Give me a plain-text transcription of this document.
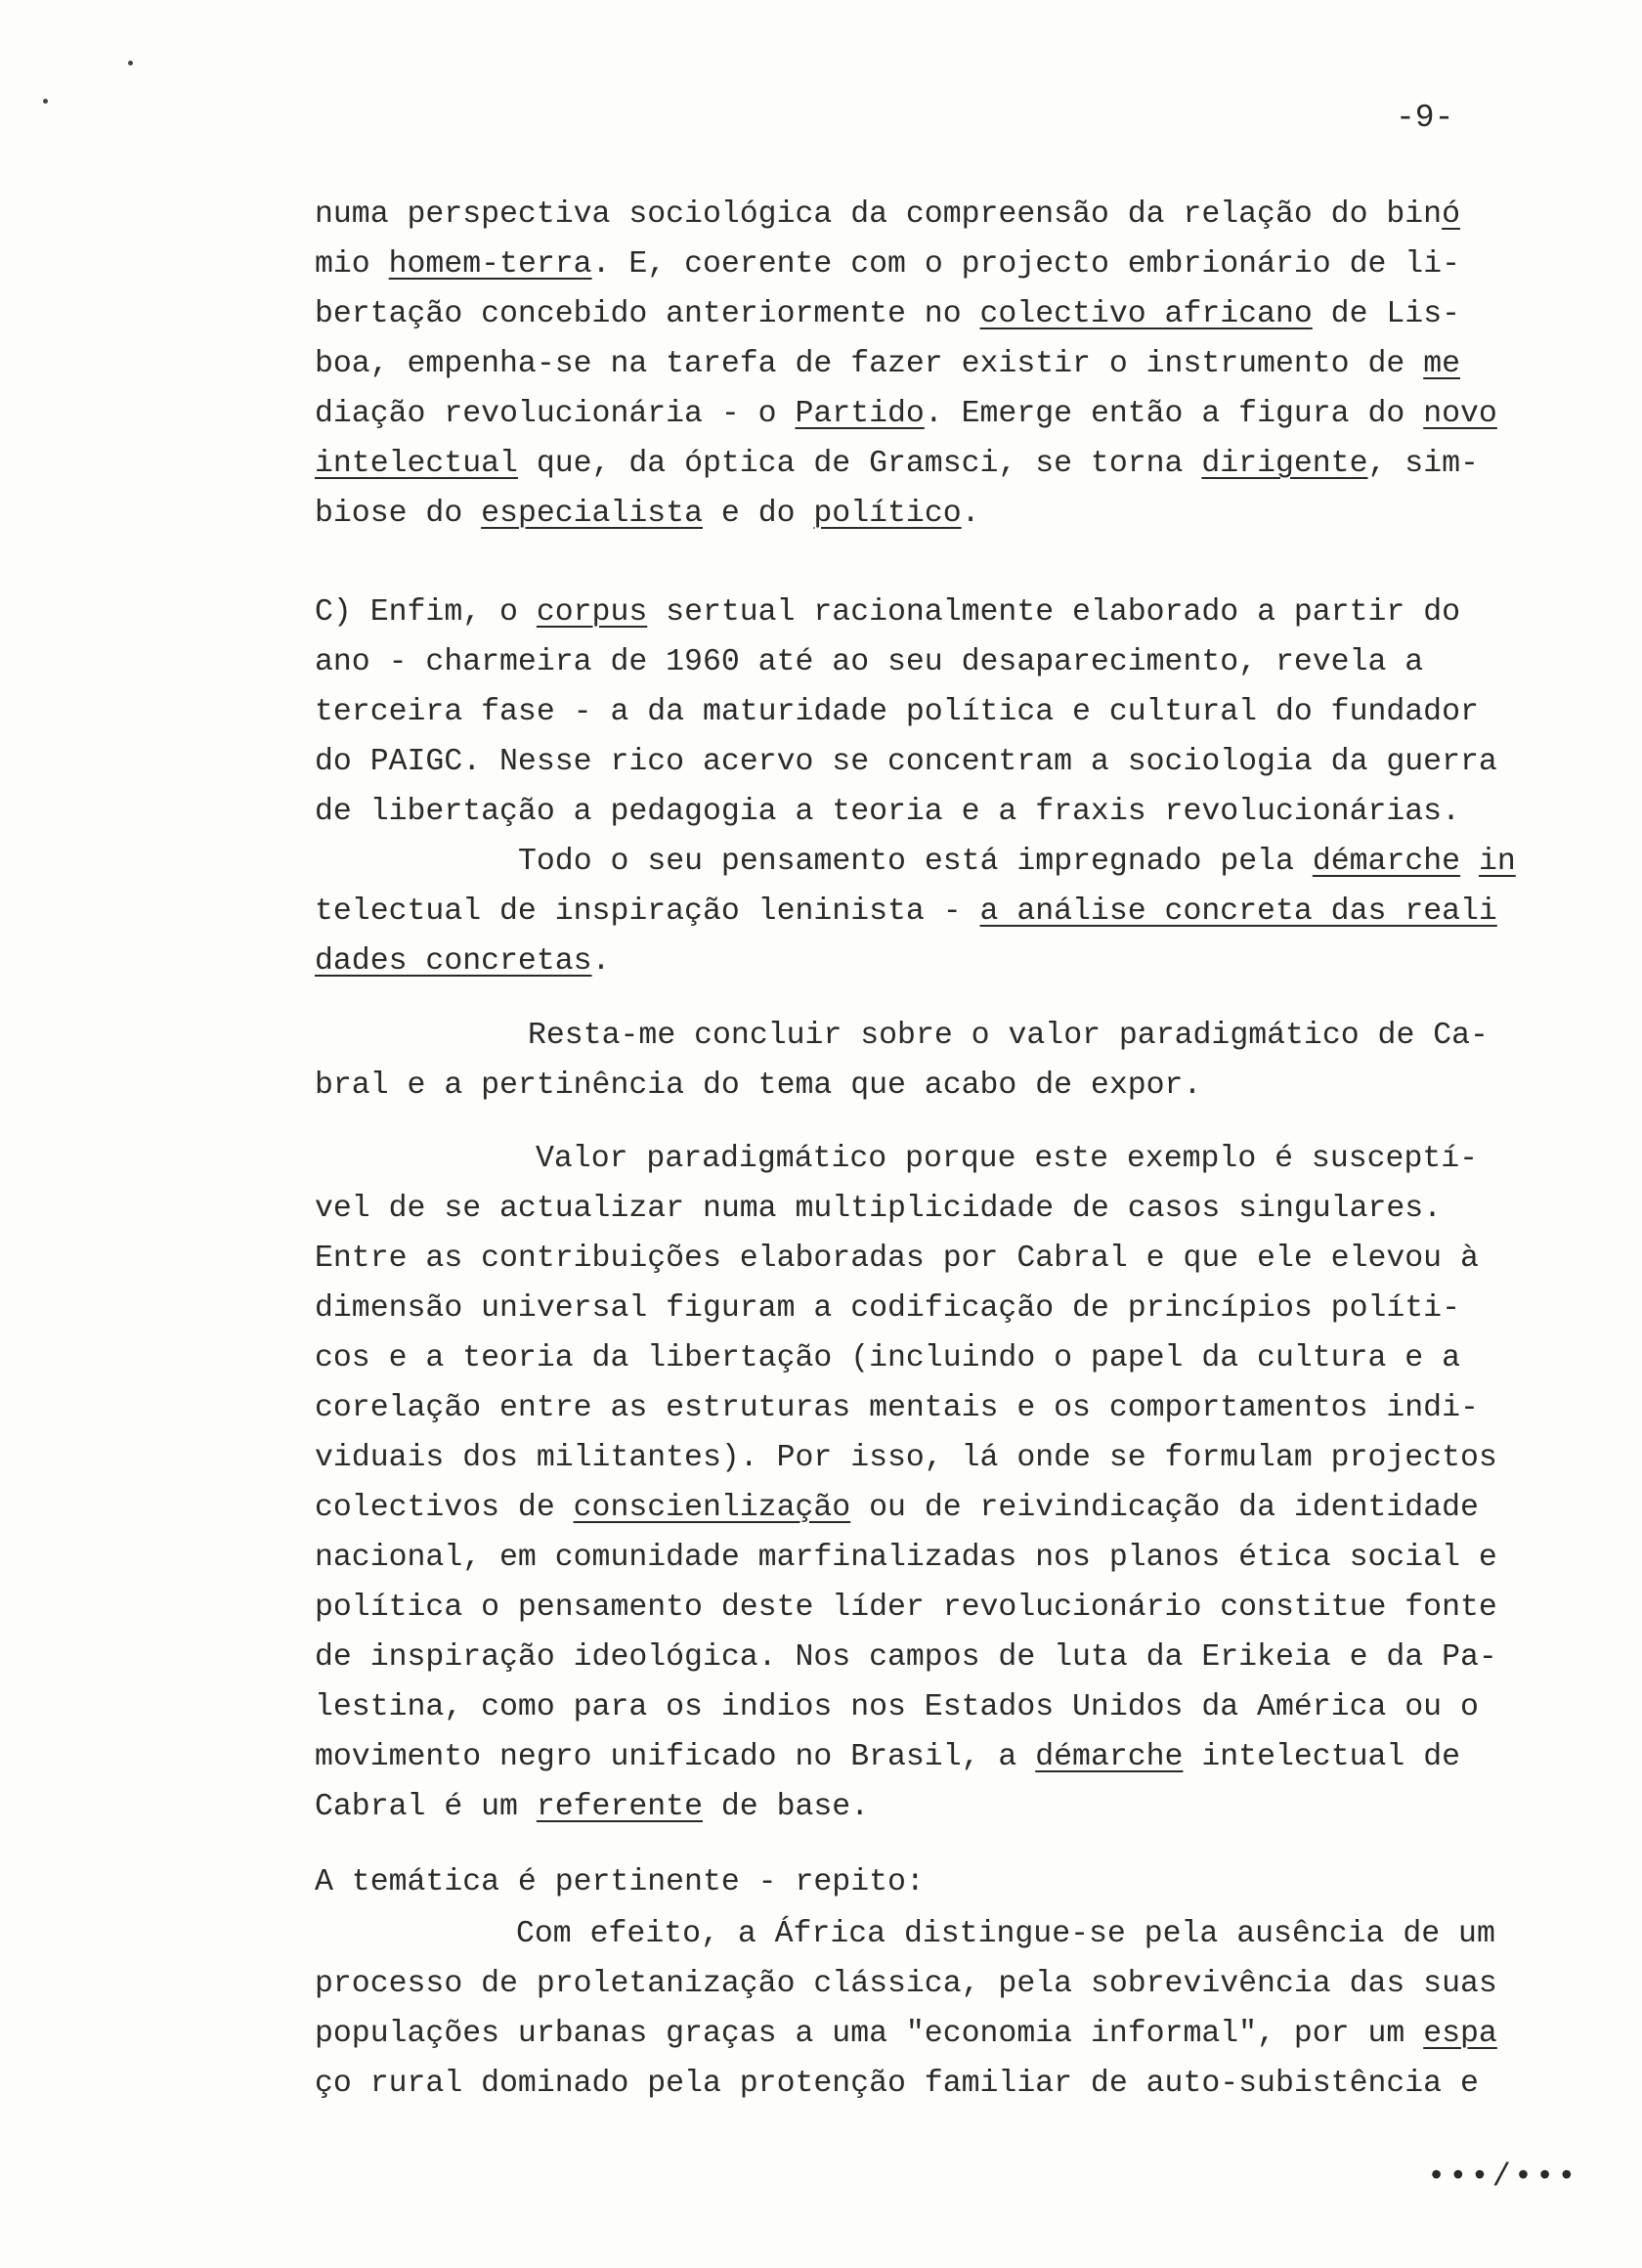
-9-
numa perspectiva sociológica da compreensão da relação do binó
mio homem-terra. E, coerente com o projecto embrionário de li-
bertação concebido anteriormente no colectivo africano de Lis-
boa, empenha-se na tarefa de fazer existir o instrumento de me
diação revolucionária - o Partido. Emerge então a figura do novo
intelectual que, da óptica de Gramsci, se torna dirigente, sim-
biose do especialista e do político.
C) Enfim, o corpus sertual racionalmente elaborado a partir do
ano - charmeira de 1960 até ao seu desaparecimento, revela a
terceira fase - a da maturidade política e cultural do fundador
do PAIGC. Nesse rico acervo se concentram a sociologia da guerra
de libertação a pedagogia a teoria e a fraxis revolucionárias.
Todo o seu pensamento está impregnado pela démarche in
telectual de inspiração leninista - a análise concreta das reali
dades concretas.
Resta-me concluir sobre o valor paradigmático de Ca-
bral e a pertinência do tema que acabo de expor.
Valor paradigmático porque este exemplo é susceptí-
vel de se actualizar numa multiplicidade de casos singulares.
Entre as contribuições elaboradas por Cabral e que ele elevou à
dimensão universal figuram a codificação de princípios políti-
cos e a teoria da libertação (incluindo o papel da cultura e a
corelação entre as estruturas mentais e os comportamentos indi-
viduais dos militantes). Por isso, lá onde se formulam projectos
colectivos de conscienlização ou de reivindicação da identidade
nacional, em comunidade marfinalizadas nos planos ética social e
política o pensamento deste líder revolucionário constitue fonte
de inspiração ideológica. Nos campos de luta da Erikeia e da Pa-
lestina, como para os indios nos Estados Unidos da América ou o
movimento negro unificado no Brasil, a démarche intelectual de
Cabral é um referente de base.
A temática é pertinente - repito:
Com efeito, a África distingue-se pela ausência de um
processo de proletanização clássica, pela sobrevivência das suas
populações urbanas graças a uma "economia informal", por um espa
ço rural dominado pela protenção familiar de auto-subistência e
•••/•••
